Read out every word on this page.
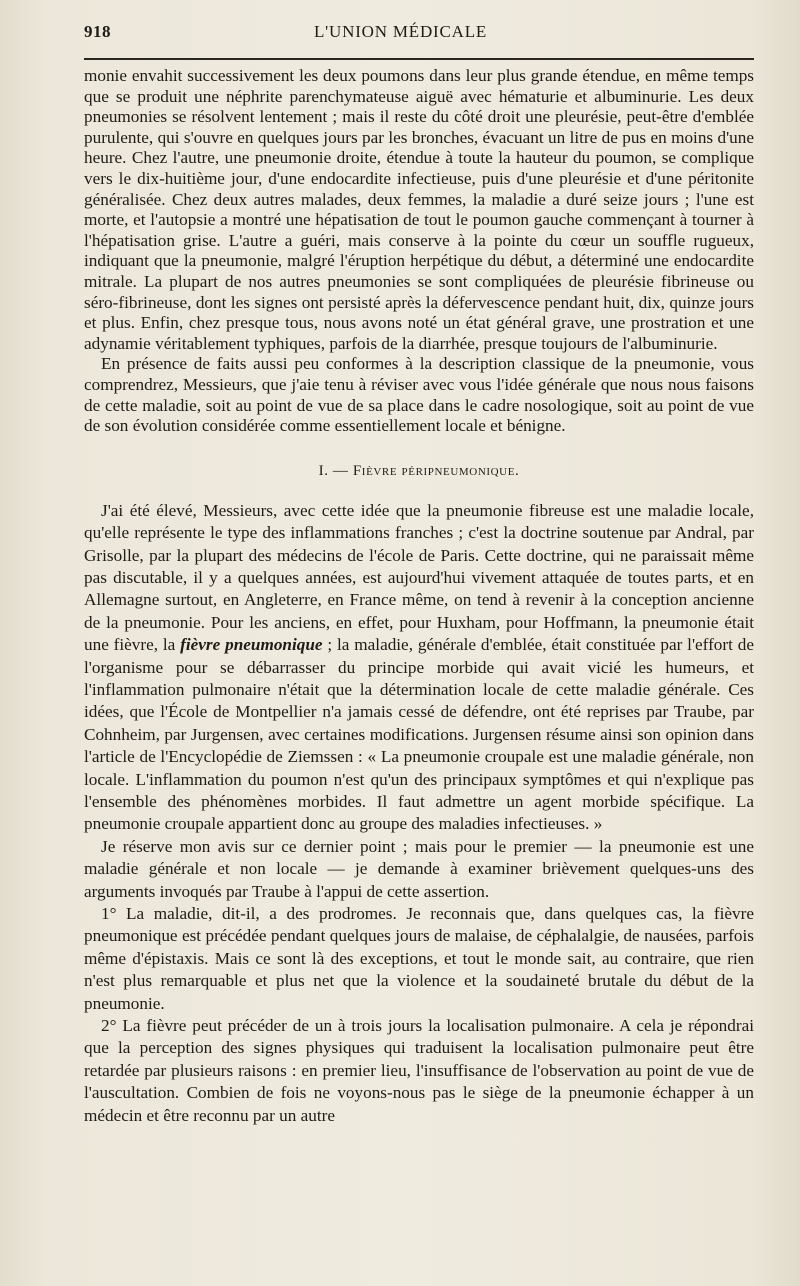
918	L'UNION MÉDICALE

monie envahit successivement les deux poumons dans leur plus grande étendue, en même temps que se produit une néphrite parenchymateuse aiguë avec hématurie et albuminurie. Les deux pneumonies se résolvent lentement ; mais il reste du côté droit une pleurésie, peut-être d'emblée purulente, qui s'ouvre en quelques jours par les bronches, évacuant un litre de pus en moins d'une heure. Chez l'autre, une pneumonie droite, étendue à toute la hauteur du poumon, se complique vers le dix-huitième jour, d'une endocardite infectieuse, puis d'une pleurésie et d'une péritonite généralisée. Chez deux autres malades, deux femmes, la maladie a duré seize jours ; l'une est morte, et l'autopsie a montré une hépatisation de tout le poumon gauche commençant à tourner à l'hépatisation grise. L'autre a guéri, mais conserve à la pointe du cœur un souffle rugueux, indiquant que la pneumonie, malgré l'éruption herpétique du début, a déterminé une endocardite mitrale. La plupart de nos autres pneumonies se sont compliquées de pleurésie fibrineuse ou séro-fibrineuse, dont les signes ont persisté après la défervescence pendant huit, dix, quinze jours et plus. Enfin, chez presque tous, nous avons noté un état général grave, une prostration et une adynamie véritablement typhiques, parfois de la diarrhée, presque toujours de l'albuminurie.

En présence de faits aussi peu conformes à la description classique de la pneumonie, vous comprendrez, Messieurs, que j'aie tenu à réviser avec vous l'idée générale que nous nous faisons de cette maladie, soit au point de vue de sa place dans le cadre nosologique, soit au point de vue de son évolution considérée comme essentiellement locale et bénigne.

I. — Fièvre péripneumonique.

J'ai été élevé, Messieurs, avec cette idée que la pneumonie fibreuse est une maladie locale, qu'elle représente le type des inflammations franches ; c'est la doctrine soutenue par Andral, par Grisolle, par la plupart des médecins de l'école de Paris. Cette doctrine, qui ne paraissait même pas discutable, il y a quelques années, est aujourd'hui vivement attaquée de toutes parts, et en Allemagne surtout, en Angleterre, en France même, on tend à revenir à la conception ancienne de la pneumonie. Pour les anciens, en effet, pour Huxham, pour Hoffmann, la pneumonie était une fièvre, la fièvre pneumonique ; la maladie, générale d'emblée, était constituée par l'effort de l'organisme pour se débarrasser du principe morbide qui avait vicié les humeurs, et l'inflammation pulmonaire n'était que la détermination locale de cette maladie générale. Ces idées, que l'École de Montpellier n'a jamais cessé de défendre, ont été reprises par Traube, par Cohnheim, par Jurgensen, avec certaines modifications. Jurgensen résume ainsi son opinion dans l'article de l'Encyclopédie de Ziemssen : « La pneumonie croupale est une maladie générale, non locale. L'inflammation du poumon n'est qu'un des principaux symptômes et qui n'explique pas l'ensemble des phénomènes morbides. Il faut admettre un agent morbide spécifique. La pneumonie croupale appartient donc au groupe des maladies infectieuses. »

Je réserve mon avis sur ce dernier point ; mais pour le premier — la pneumonie est une maladie générale et non locale — je demande à examiner brièvement quelques-uns des arguments invoqués par Traube à l'appui de cette assertion.

1° La maladie, dit-il, a des prodromes. Je reconnais que, dans quelques cas, la fièvre pneumonique est précédée pendant quelques jours de malaise, de céphalalgie, de nausées, parfois même d'épistaxis. Mais ce sont là des exceptions, et tout le monde sait, au contraire, que rien n'est plus remarquable et plus net que la violence et la soudaineté brutale du début de la pneumonie.

2° La fièvre peut précéder de un à trois jours la localisation pulmonaire. A cela je répondrai que la perception des signes physiques qui traduisent la localisation pulmonaire peut être retardée par plusieurs raisons : en premier lieu, l'insuffisance de l'observation au point de vue de l'auscultation. Combien de fois ne voyons-nous pas le siège de la pneumonie échapper à un médecin et être reconnu par un autre
